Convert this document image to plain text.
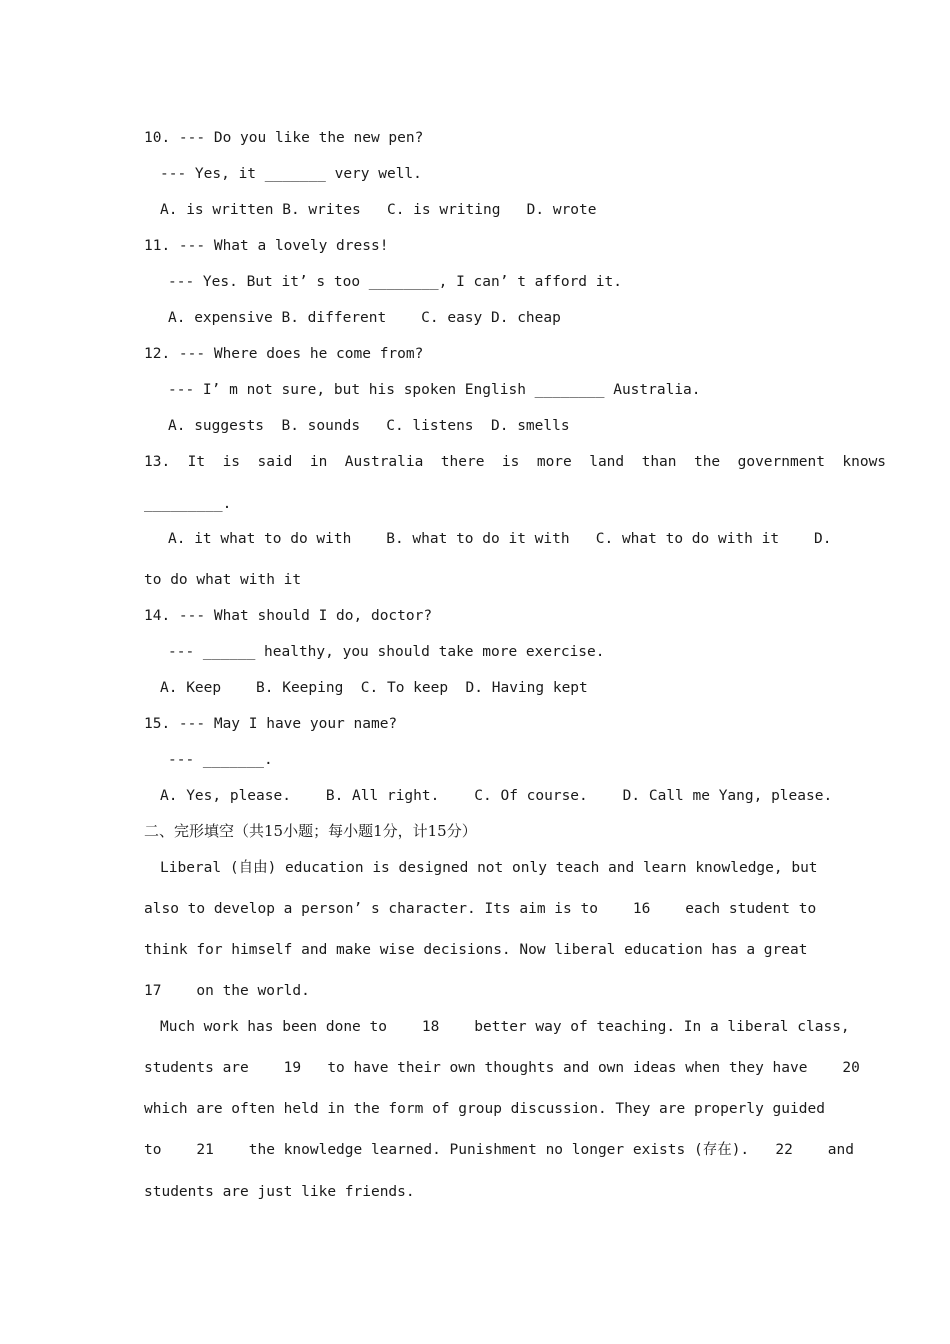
10. --- Do you like the new pen?
--- Yes, it _______ very well.
A. is written B. writes   C. is writing   D. wrote
11. --- What a lovely dress!
--- Yes. But it’ s too ________, I can’ t afford it.
A. expensive B. different    C. easy D. cheap
12. --- Where does he come from?
--- I’ m not sure, but his spoken English ________ Australia.
A. suggests  B. sounds   C. listens  D. smells
13.  It  is  said  in  Australia  there  is  more  land  than  the  government  knows
_________.
A. it what to do with    B. what to do it with   C. what to do with it    D.
to do what with it
14. --- What should I do, doctor?
--- ______ healthy, you should take more exercise.
A. Keep    B. Keeping  C. To keep  D. Having kept
15. --- May I have your name?
--- _______.
A. Yes, please.    B. All right.    C. Of course.    D. Call me Yang, please.
二、完形填空（共15小题；每小题1分，计15分）
Liberal (自由) education is designed not only teach and learn knowledge, but
also to develop a person’ s character. Its aim is to    16    each student to
think for himself and make wise decisions. Now liberal education has a great
17    on the world.
Much work has been done to    18    better way of teaching. In a liberal class,
students are    19   to have their own thoughts and own ideas when they have    20
which are often held in the form of group discussion. They are properly guided
to    21    the knowledge learned. Punishment no longer exists (存在).   22    and
students are just like friends.
